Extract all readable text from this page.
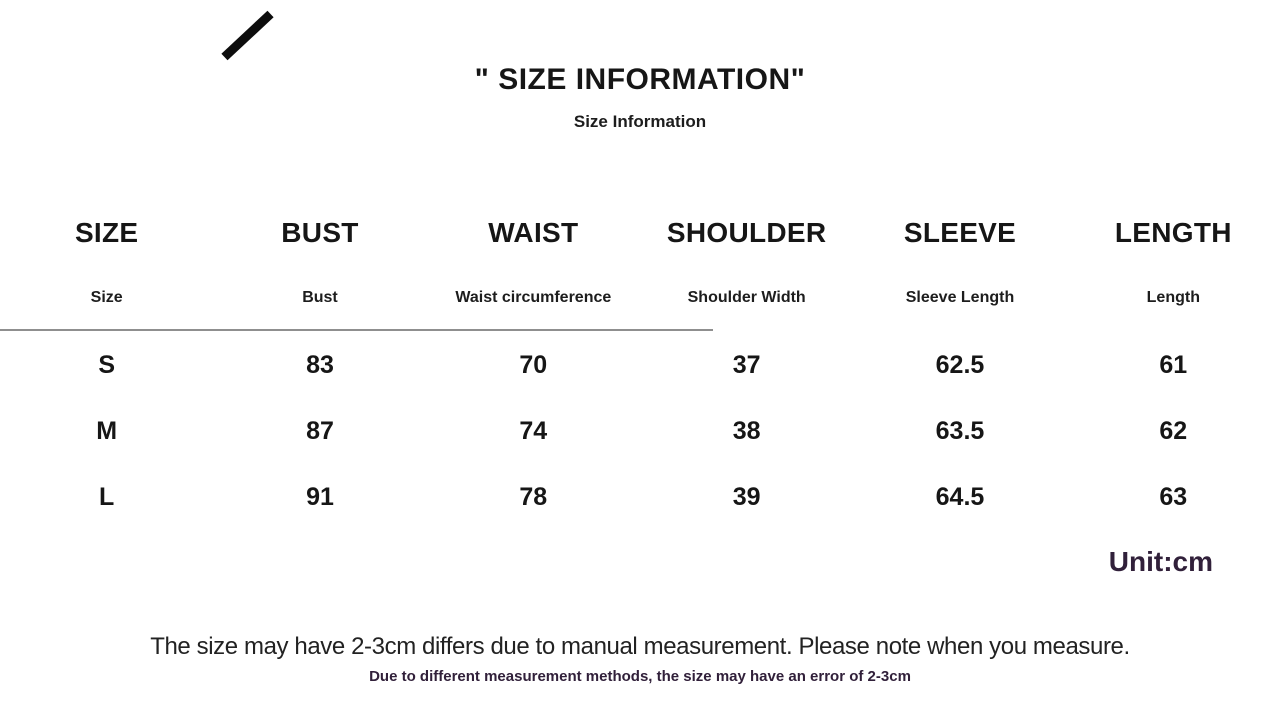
" SIZE INFORMATION"
Size Information
SIZE	BUST	WAIST	SHOULDER	SLEEVE	LENGTH
Size	Bust	Waist circumference	Shoulder Width	Sleeve Length	Length
S	83	70	37	62.5	61
M	87	74	38	63.5	62
L	91	78	39	64.5	63
Unit:cm
The size may have 2-3cm differs due to manual measurement. Please note when you measure.
Due to different measurement methods, the size may have an error of 2-3cm
